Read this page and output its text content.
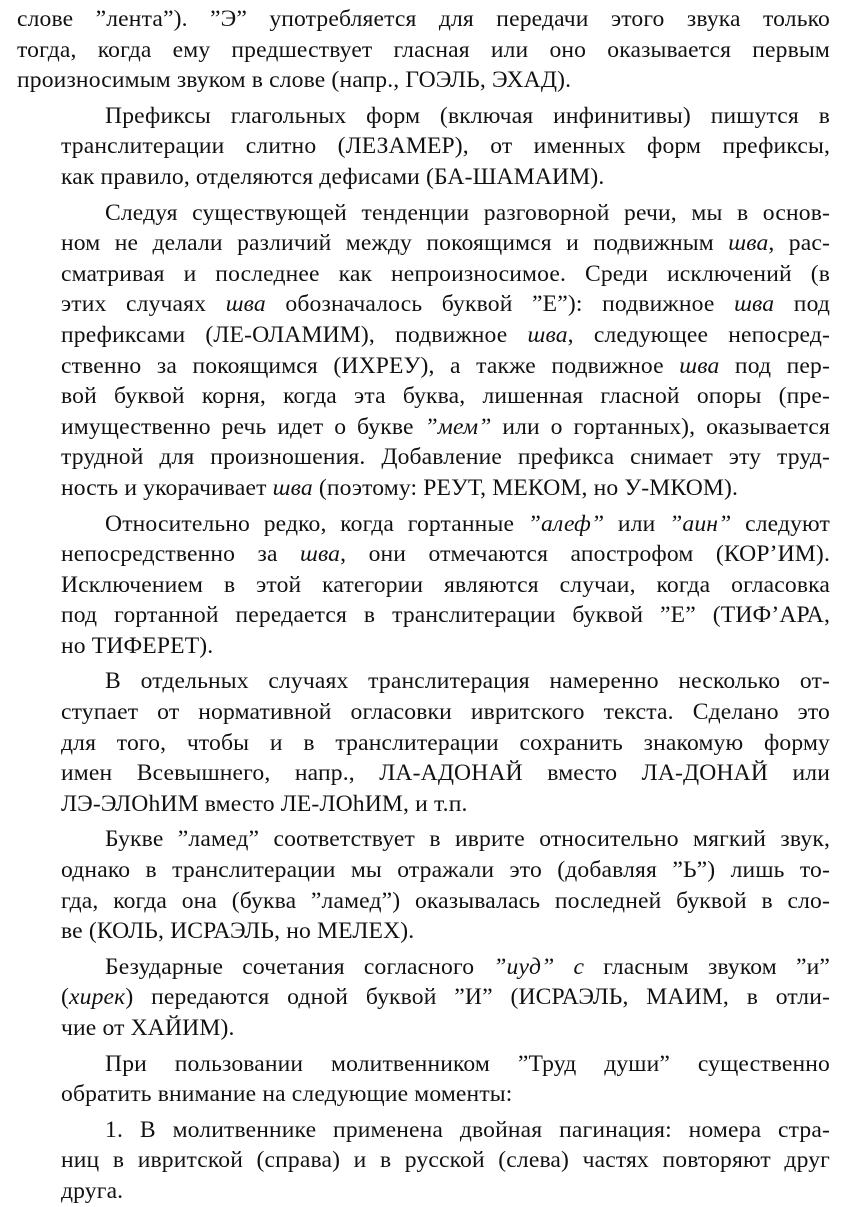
слове ”лента”). ”Э” употребляется для передачи этого звука только
тогда, когда ему предшествует гласная или оно оказывается первым
произносимым звуком в слове (напр., ГОЭЛЬ, ЭХАД).
Префиксы глагольных форм (включая инфинитивы) пишутся в
транслитерации слитно (ЛЕЗАМЕР), от именных форм префиксы,
как правило, отделяются дефисами (БА-ШАМАИМ).
Следуя существующей тенденции разговорной речи, мы в основ-
ном не делали различий между покоящимся и подвижным шва, рас-
сматривая и последнее как непроизносимое. Среди исключений (в
этих случаях шва обозначалось буквой ”Е”): подвижное шва под
префиксами (ЛЕ-ОЛАМИМ), подвижное шва, следующее непосред-
ственно за покоящимся (ИХРЕУ), а также подвижное шва под пер-
вой буквой корня, когда эта буква, лишенная гласной опоры (пре-
имущественно речь идет о букве ”мем” или о гортанных), оказывается
трудной для произношения. Добавление префикса снимает эту труд-
ность и укорачивает шва (поэтому: РЕУТ, МЕКОМ, но У-МКОМ).
Относительно редко, когда гортанные ”алеф” или ”аин” следуют
непосредственно за шва, они отмечаются апострофом (КОР’ИМ).
Исключением в этой категории являются случаи, когда огласовка
под гортанной передается в транслитерации буквой ”Е” (ТИФ’АРА,
но ТИФЕРЕТ).
В отдельных случаях транслитерация намеренно несколько от-
ступает от нормативной огласовки ивритского текста. Сделано это
для того, чтобы и в транслитерации сохранить знакомую форму
имен Всевышнего, напр., ЛА-АДОНАЙ вместо ЛА-ДОНАЙ или
ЛЭ-ЭЛОhИМ вместо ЛЕ-ЛОhИМ, и т.п.
Букве ”ламед” соответствует в иврите относительно мягкий звук,
однако в транслитерации мы отражали это (добавляя ”Ь”) лишь то-
гда, когда она (буква ”ламед”) оказывалась последней буквой в сло-
ве (КОЛЬ, ИСРАЭЛЬ, но МЕЛЕХ).
Безударные сочетания согласного ”иуд” с гласным звуком ”и”
(хирек) передаются одной буквой ”И” (ИСРАЭЛЬ, МАИМ, в отли-
чие от ХАЙИМ).
При пользовании молитвенником ”Труд души” существенно
обратить внимание на следующие моменты:
1. В молитвеннике применена двойная пагинация: номера стра-
ниц в ивритской (справа) и в русской (слева) частях повторяют друг
друга.
